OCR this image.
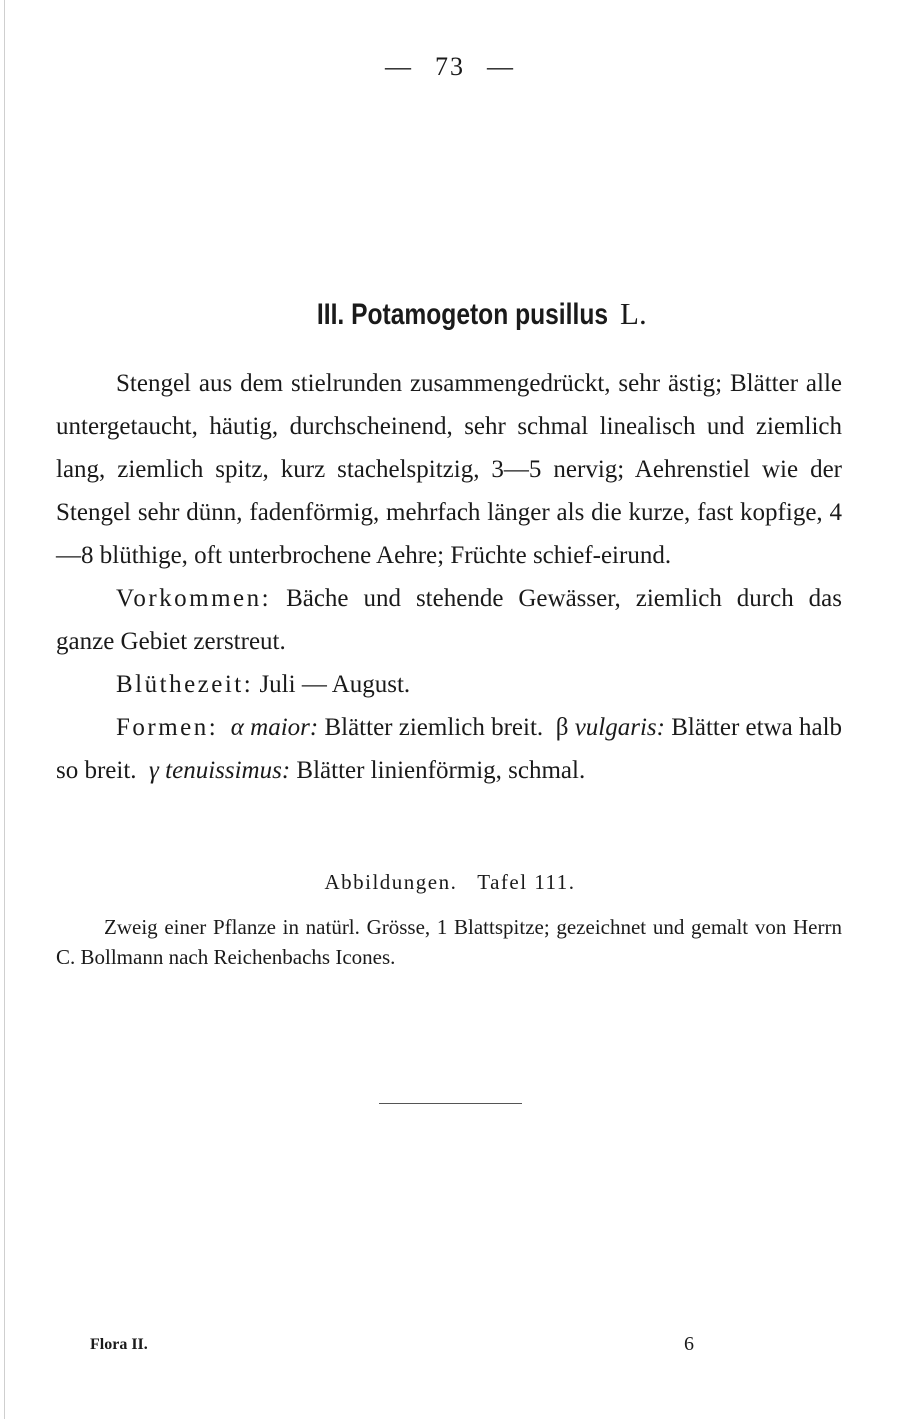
— 73 —
III. Potamogeton pusillus L.

Stengel aus dem stielrunden zusammengedrückt, sehr ästig; Blätter alle untergetaucht, häutig, durchscheinend, sehr schmal linealisch und ziemlich lang, ziemlich spitz, kurz stachelspitzig, 3—5 nervig; Aehrenstiel wie der Stengel sehr dünn, fadenförmig, mehrfach länger als die kurze, fast kopfige, 4—8 blüthige, oft unterbrochene Aehre; Früchte schief-eirund.

Vorkommen: Bäche und stehende Gewässer, ziemlich durch das ganze Gebiet zerstreut.

Blüthezeit: Juli — August.

Formen: α maior: Blätter ziemlich breit. β vulgaris: Blätter etwa halb so breit. γ tenuissimus: Blätter linienförmig, schmal.

Abbildungen.   Tafel 111.
Zweig einer Pflanze in natürl. Grösse, 1 Blattspitze; gezeichnet und gemalt von Herrn C. Bollmann nach Reichenbachs Icones.
Flora II.	6
